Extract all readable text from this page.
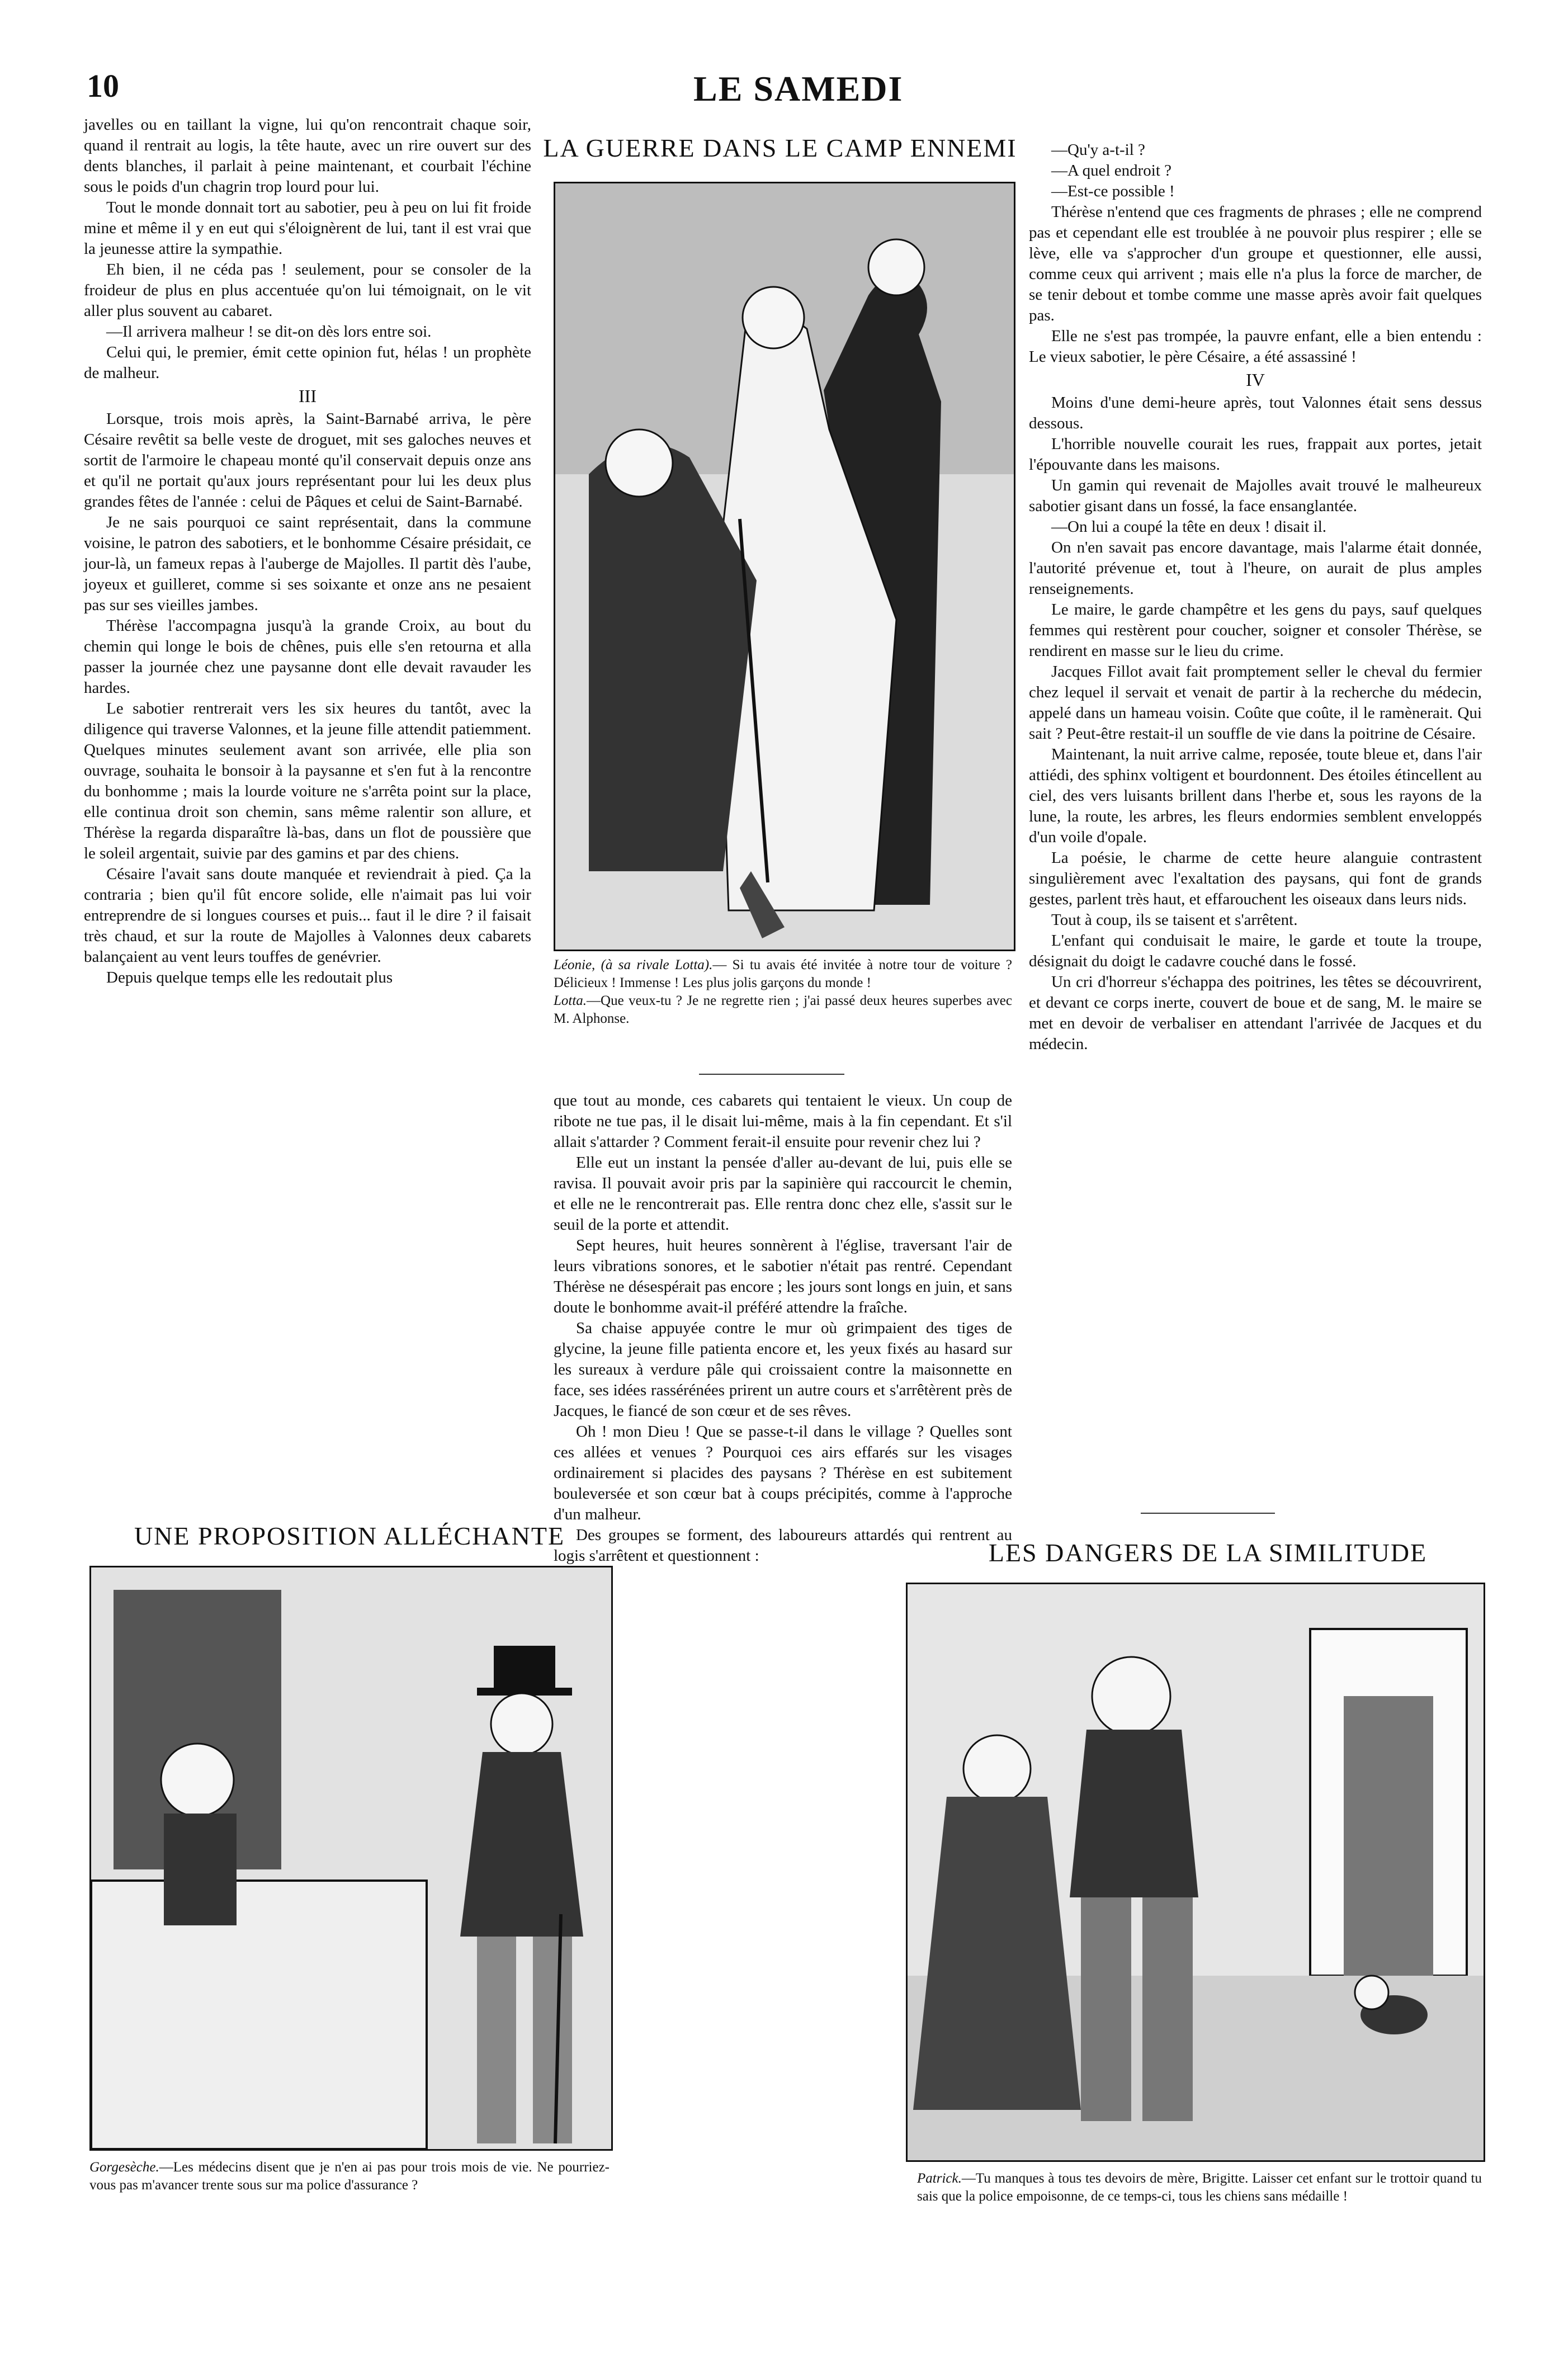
10	LE SAMEDI

javelles ou en taillant la vigne, lui qu'on rencontrait chaque soir, quand il rentrait au logis, la tête haute, avec un rire ouvert sur des dents blanches, il parlait à peine maintenant, et courbait l'échine sous le poids d'un chagrin trop lourd pour lui.

Tout le monde donnait tort au sabotier, peu à peu on lui fit froide mine et même il y en eut qui s'éloignèrent de lui, tant il est vrai que la jeunesse attire la sympathie.

Eh bien, il ne céda pas ! seulement, pour se consoler de la froideur de plus en plus accentuée qu'on lui témoignait, on le vit aller plus souvent au cabaret.

—Il arrivera malheur ! se dit-on dès lors entre soi.

Celui qui, le premier, émit cette opinion fut, hélas ! un prophète de malheur.

III

Lorsque, trois mois après, la Saint-Barnabé arriva, le père Césaire revêtit sa belle veste de droguet, mit ses galoches neuves et sortit de l'armoire le chapeau monté qu'il conservait depuis onze ans et qu'il ne portait qu'aux jours représentant pour lui les deux plus grandes fêtes de l'année : celui de Pâques et celui de Saint-Barnabé.

Je ne sais pourquoi ce saint représentait, dans la commune voisine, le patron des sabotiers, et le bonhomme Césaire présidait, ce jour-là, un fameux repas à l'auberge de Majolles. Il partit dès l'aube, joyeux et guilleret, comme si ses soixante et onze ans ne pesaient pas sur ses vieilles jambes.

Thérèse l'accompagna jusqu'à la grande Croix, au bout du chemin qui longe le bois de chênes, puis elle s'en retourna et alla passer la journée chez une paysanne dont elle devait ravauder les hardes.

Le sabotier rentrerait vers les six heures du tantôt, avec la diligence qui traverse Valonnes, et la jeune fille attendit patiemment. Quelques minutes seulement avant son arrivée, elle plia son ouvrage, souhaita le bonsoir à la paysanne et s'en fut à la rencontre du bonhomme ; mais la lourde voiture ne s'arrêta point sur la place, elle continua droit son chemin, sans même ralentir son allure, et Thérèse la regarda disparaître là-bas, dans un flot de poussière que le soleil argentait, suivie par des gamins et par des chiens.

Césaire l'avait sans doute manquée et reviendrait à pied. Ça la contraria ; bien qu'il fût encore solide, elle n'aimait pas lui voir entreprendre de si longues courses et puis... faut il le dire ? il faisait très chaud, et sur la route de Majolles à Valonnes deux cabarets balançaient au vent leurs touffes de genévrier.

Depuis quelque temps elle les redoutait plus

LA GUERRE DANS LE CAMP ENNEMI
Léonie, (à sa rivale Lotta).— Si tu avais été invitée à notre tour de voiture ? Délicieux ! Immense ! Les plus jolis garçons du monde !
Lotta.—Que veux-tu ? Je ne regrette rien ; j'ai passé deux heures superbes avec M. Alphonse.

que tout au monde, ces cabarets qui tentaient le vieux. Un coup de ribote ne tue pas, il le disait lui-même, mais à la fin cependant. Et s'il allait s'attarder ? Comment ferait-il ensuite pour revenir chez lui ?

Elle eut un instant la pensée d'aller au-devant de lui, puis elle se ravisa. Il pouvait avoir pris par la sapinière qui raccourcit le chemin, et elle ne le rencontrerait pas. Elle rentra donc chez elle, s'assit sur le seuil de la porte et attendit.

Sept heures, huit heures sonnèrent à l'église, traversant l'air de leurs vibrations sonores, et le sabotier n'était pas rentré. Cependant Thérèse ne désespérait pas encore ; les jours sont longs en juin, et sans doute le bonhomme avait-il préféré attendre la fraîche.

Sa chaise appuyée contre le mur où grimpaient des tiges de glycine, la jeune fille patienta encore et, les yeux fixés au hasard sur les sureaux à verdure pâle qui croissaient contre la maisonnette en face, ses idées rassérénées prirent un autre cours et s'arrêtèrent près de Jacques, le fiancé de son cœur et de ses rêves.

Oh ! mon Dieu ! Que se passe-t-il dans le village ? Quelles sont ces allées et venues ? Pourquoi ces airs effarés sur les visages ordinairement si placides des paysans ? Thérèse en est subitement bouleversée et son cœur bat à coups précipités, comme à l'approche d'un malheur.

Des groupes se forment, des laboureurs attardés qui rentrent au logis s'arrêtent et questionnent :

—Qu'y a-t-il ?

—A quel endroit ?

—Est-ce possible !

Thérèse n'entend que ces fragments de phrases ; elle ne comprend pas et cependant elle est troublée à ne pouvoir plus respirer ; elle se lève, elle va s'approcher d'un groupe et questionner, elle aussi, comme ceux qui arrivent ; mais elle n'a plus la force de marcher, de se tenir debout et tombe comme une masse après avoir fait quelques pas.

Elle ne s'est pas trompée, la pauvre enfant, elle a bien entendu : Le vieux sabotier, le père Césaire, a été assassiné !

IV

Moins d'une demi-heure après, tout Valonnes était sens dessus dessous.

L'horrible nouvelle courait les rues, frappait aux portes, jetait l'épouvante dans les maisons.

Un gamin qui revenait de Majolles avait trouvé le malheureux sabotier gisant dans un fossé, la face ensanglantée.

—On lui a coupé la tête en deux ! disait il.

On n'en savait pas encore davantage, mais l'alarme était donnée, l'autorité prévenue et, tout à l'heure, on aurait de plus amples renseignements.

Le maire, le garde champêtre et les gens du pays, sauf quelques femmes qui restèrent pour coucher, soigner et consoler Thérèse, se rendirent en masse sur le lieu du crime.

Jacques Fillot avait fait promptement seller le cheval du fermier chez lequel il servait et venait de partir à la recherche du médecin, appelé dans un hameau voisin. Coûte que coûte, il le ramènerait. Qui sait ? Peut-être restait-il un souffle de vie dans la poitrine de Césaire.

Maintenant, la nuit arrive calme, reposée, toute bleue et, dans l'air attiédi, des sphinx voltigent et bourdonnent. Des étoiles étincellent au ciel, des vers luisants brillent dans l'herbe et, sous les rayons de la lune, la route, les arbres, les fleurs endormies semblent enveloppés d'un voile d'opale.

La poésie, le charme de cette heure alanguie contrastent singulièrement avec l'exaltation des paysans, qui font de grands gestes, parlent très haut, et effarouchent les oiseaux dans leurs nids.

Tout à coup, ils se taisent et s'arrêtent.

L'enfant qui conduisait le maire, le garde et toute la troupe, désignait du doigt le cadavre couché dans le fossé.

Un cri d'horreur s'échappa des poitrines, les têtes se découvrirent, et devant ce corps inerte, couvert de boue et de sang, M. le maire se met en devoir de verbaliser en attendant l'arrivée de Jacques et du médecin.

UNE PROPOSITION ALLÉCHANTE
Gorgesèche.—Les médecins disent que je n'en ai pas pour trois mois de vie. Ne pourriez-vous pas m'avancer trente sous sur ma police d'assurance ?
LES DANGERS DE LA SIMILITUDE
Patrick.—Tu manques à tous tes devoirs de mère, Brigitte. Laisser cet enfant sur le trottoir quand tu sais que la police empoisonne, de ce temps-ci, tous les chiens sans médaille !
